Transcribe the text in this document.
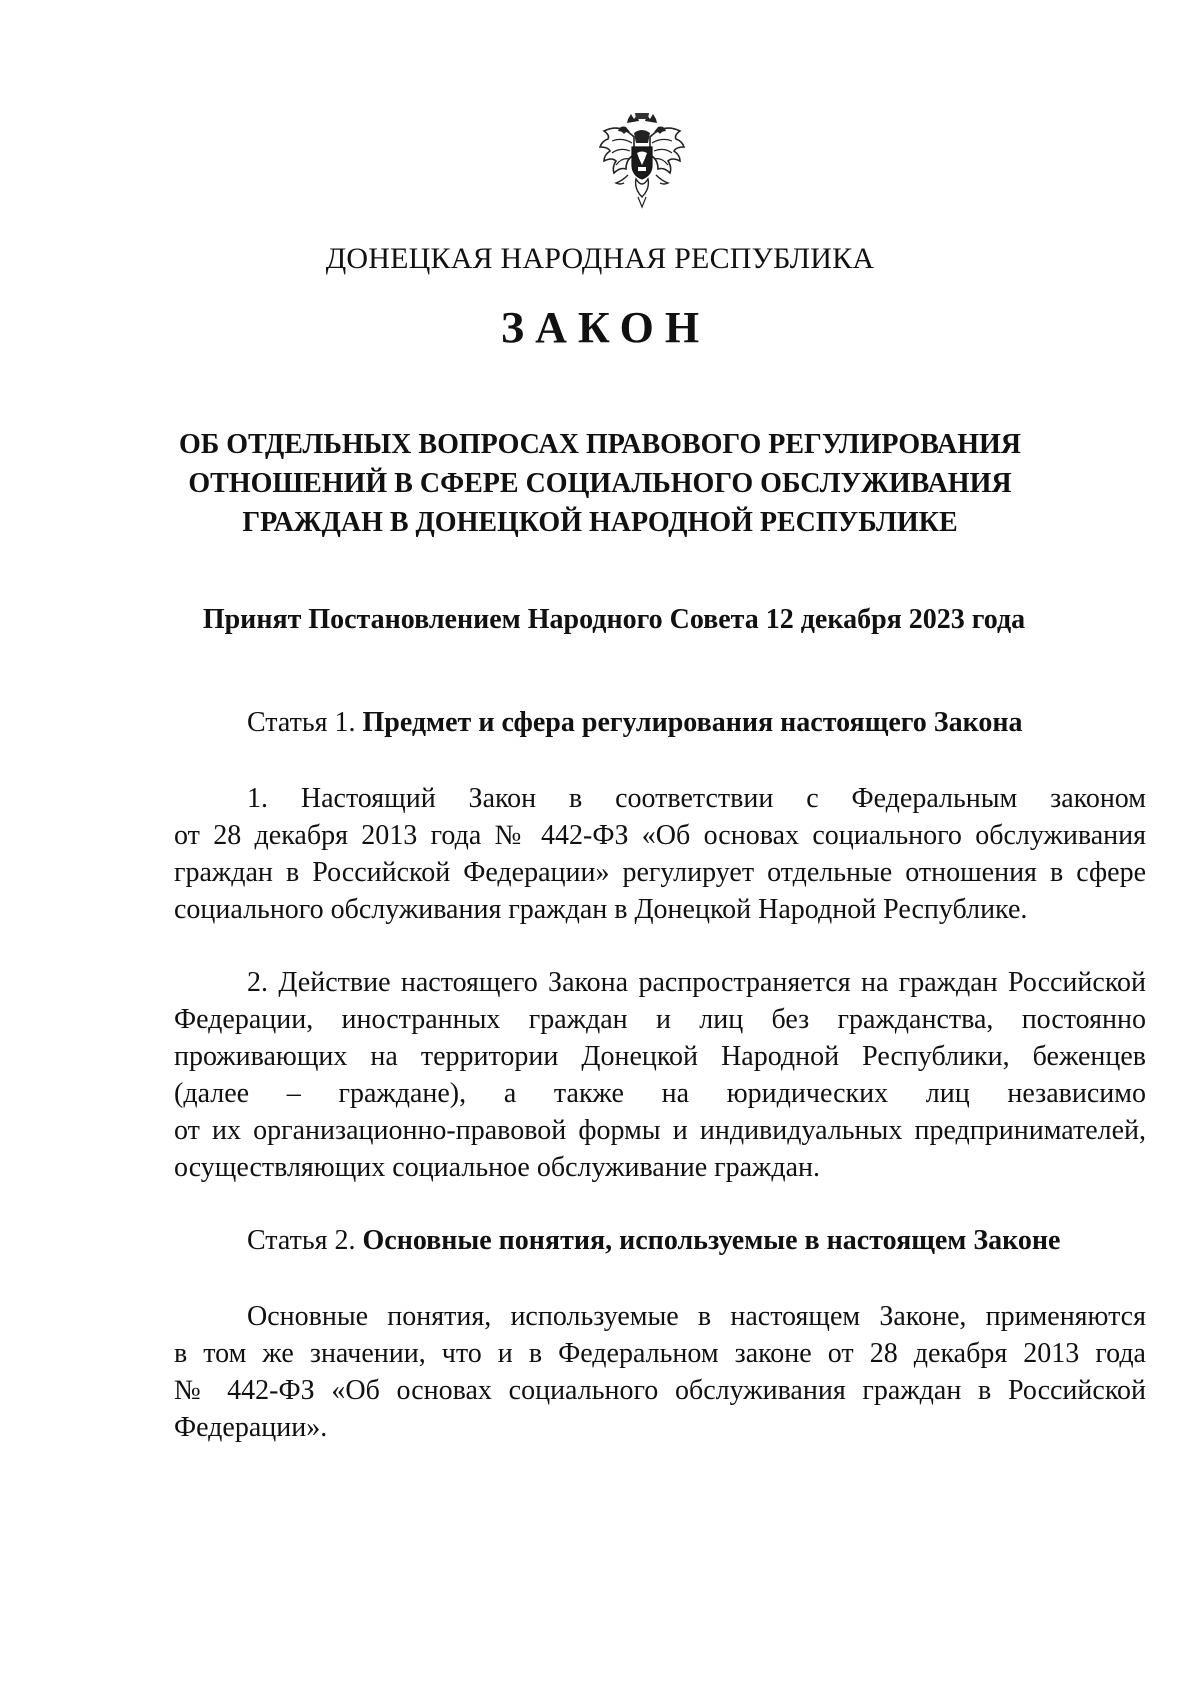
ДОНЕЦКАЯ НАРОДНАЯ РЕСПУБЛИКА
ЗАКОН
ОБ ОТДЕЛЬНЫХ ВОПРОСАХ ПРАВОВОГО РЕГУЛИРОВАНИЯ
ОТНОШЕНИЙ В СФЕРЕ СОЦИАЛЬНОГО ОБСЛУЖИВАНИЯ
ГРАЖДАН В ДОНЕЦКОЙ НАРОДНОЙ РЕСПУБЛИКЕ
Принят Постановлением Народного Совета 12 декабря 2023 года
Статья 1. Предмет и сфера регулирования настоящего Закона
1. Настоящий Закон в соответствии с Федеральным законом
от 28 декабря 2013 года № 442-ФЗ «Об основах социального обслуживания
граждан в Российской Федерации» регулирует отдельные отношения в сфере
социального обслуживания граждан в Донецкой Народной Республике.
2. Действие настоящего Закона распространяется на граждан Российской
Федерации, иностранных граждан и лиц без гражданства, постоянно
проживающих на территории Донецкой Народной Республики, беженцев
(далее – граждане), а также на юридических лиц независимо
от их организационно-правовой формы и индивидуальных предпринимателей,
осуществляющих социальное обслуживание граждан.
Статья 2. Основные понятия, используемые в настоящем Законе
Основные понятия, используемые в настоящем Законе, применяются
в том же значении, что и в Федеральном законе от 28 декабря 2013 года
№ 442-ФЗ «Об основах социального обслуживания граждан в Российской
Федерации».
